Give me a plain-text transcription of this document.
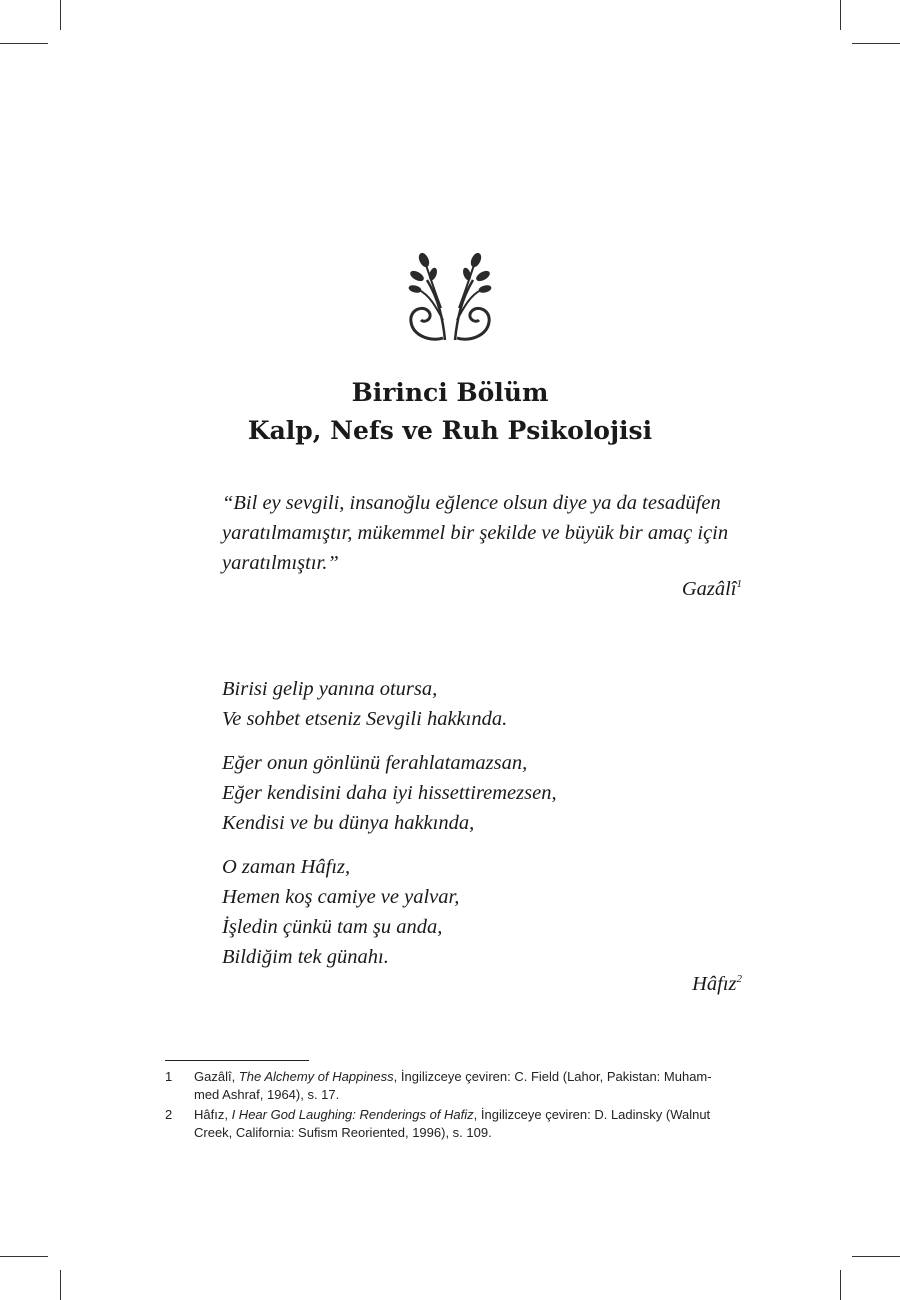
Birinci Bölüm
Kalp, Nefs ve Ruh Psikolojisi
“Bil ey sevgili, insanoğlu eğlence olsun diye ya da tesadüfen
yaratılmamıştır, mükemmel bir şekilde ve büyük bir amaç için
yaratılmıştır.”
Gazâlî$^1$
Birisi gelip yanına otursa,
Ve sohbet etseniz Sevgili hakkında.
Eğer onun gönlünü ferahlatamazsan,
Eğer kendisini daha iyi hissettiremezsen,
Kendisi ve bu dünya hakkında,
O zaman Hâfız,
Hemen koş camiye ve yalvar,
İşledin çünkü tam şu anda,
Bildiğim tek günahı.
Hâfız$^2$
1 Gazâlî, The Alchemy of Happiness, İngilizceye çeviren: C. Field (Lahor, Pakistan: Muham-
med Ashraf, 1964), s. 17.
2 Hâfız, I Hear God Laughing: Renderings of Hafiz, İngilizceye çeviren: D. Ladinsky (Walnut
Creek, California: Sufism Reoriented, 1996), s. 109.
